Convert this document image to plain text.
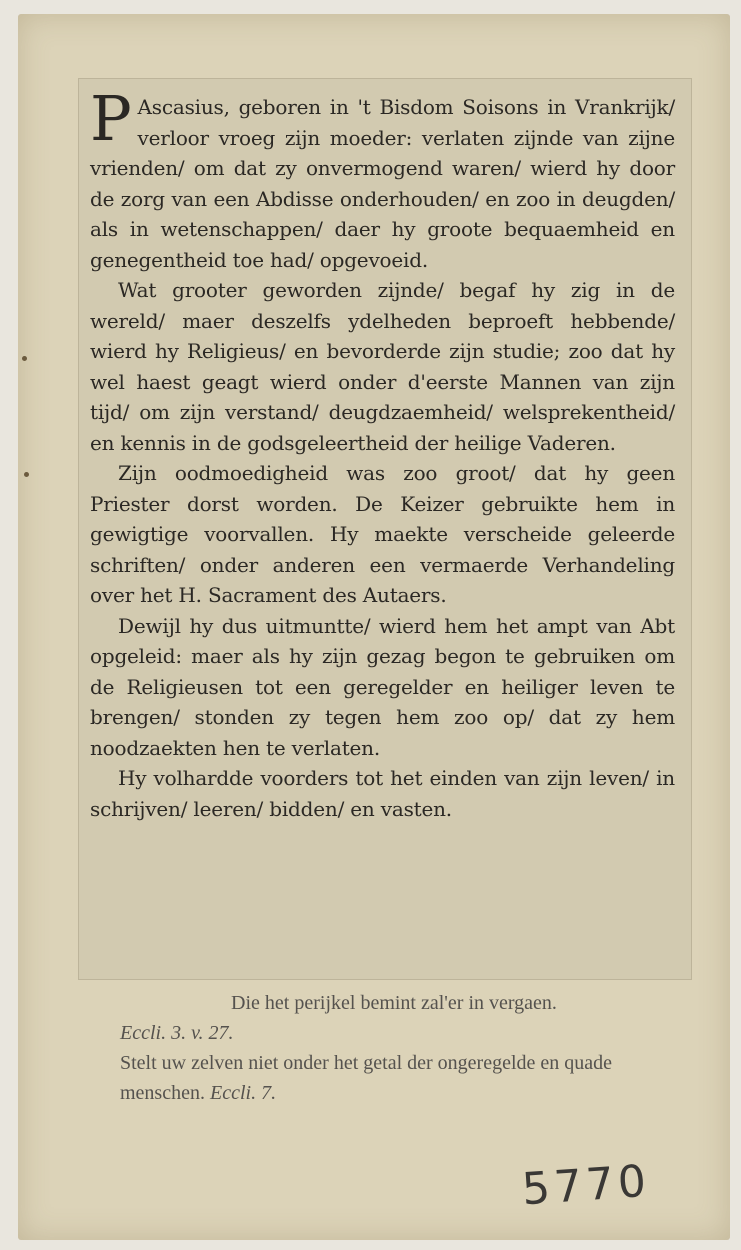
P Ascasius, geboren in 't Bisdom Soisons in Vrankrijk/ verloor vroeg zijn moeder: verlaten zijnde van zijne vrienden/ om dat zy onvermogend waren/ wierd hy door de zorg van een Abdisse onderhouden/ en zoo in deugden/ als in wetenschappen/ daer hy groote bequaemheid en genegentheid toe had/ opgevoeid.

Wat grooter geworden zijnde/ begaf hy zig in de wereld/ maer deszelfs ydelheden beproeft hebbende/ wierd hy Religieus/ en bevorderde zijn studie; zoo dat hy wel haest geagt wierd onder d'eerste Mannen van zijn tijd/ om zijn verstand/ deugdzaemheid/ welsprekentheid/ en kennis in de godsgeleertheid der heilige Vaderen.

Zijn oodmoedigheid was zoo groot/ dat hy geen Priester dorst worden. De Keizer gebruikte hem in gewigtige voorvallen. Hy maekte verscheide geleerde schriften/ onder anderen een vermaerde Verhandeling over het H. Sacrament des Autaers.

Dewijl hy dus uitmuntte/ wierd hem het ampt van Abt opgeleid: maer als hy zijn gezag begon te gebruiken om de Religieusen tot een geregelder en heiliger leven te brengen/ stonden zy tegen hem zoo op/ dat zy hem noodzaekten hen te verlaten.

Hy volhardde voorders tot het einden van zijn leven/ in schrijven/ leeren/ bidden/ en vasten.

Die het perijkel bemint zal'er in vergaen.

Eccli. 3. v. 27.

Stelt uw zelven niet onder het getal der ongeregelde en quade menschen. Eccli. 7.

5770
